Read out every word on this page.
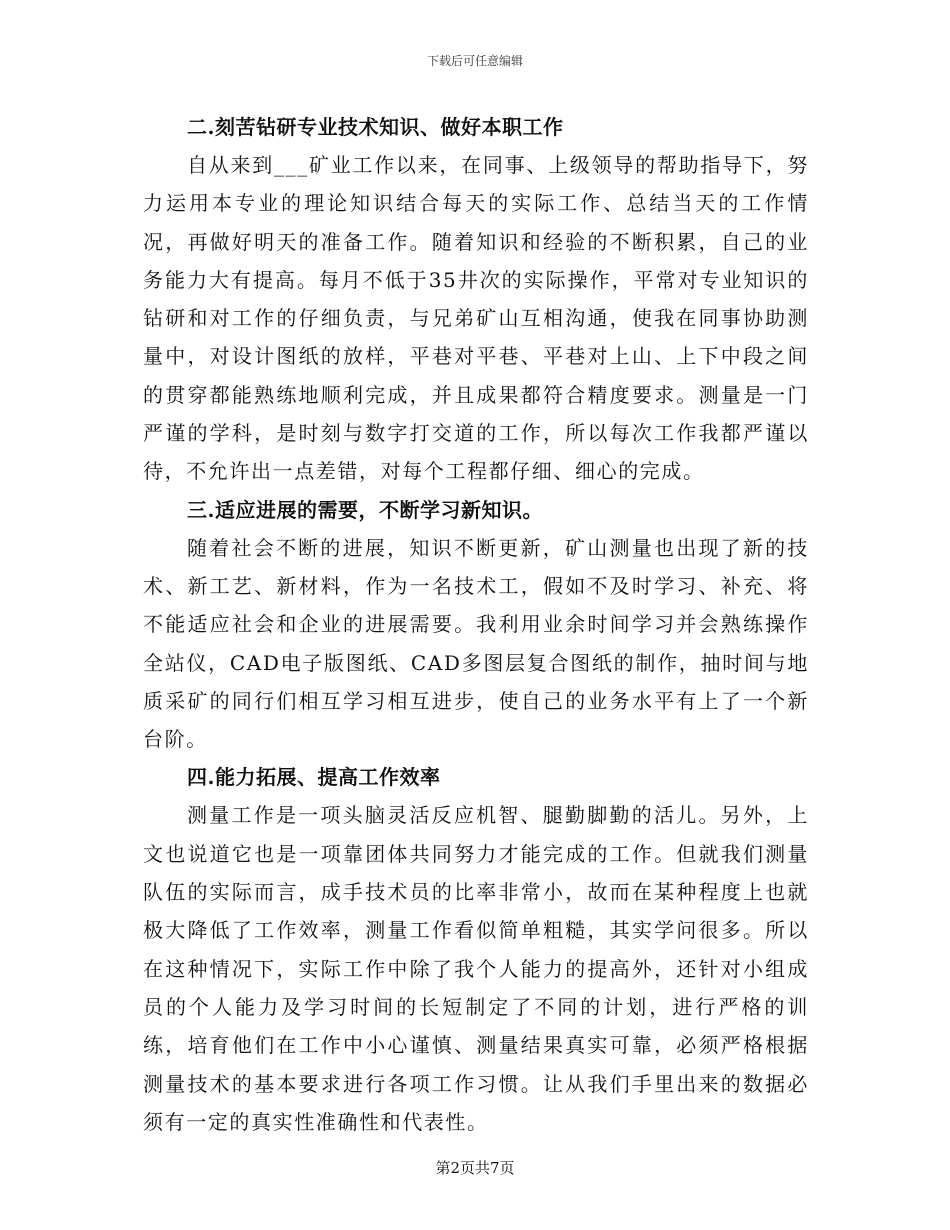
下载后可任意编辑
二.刻苦钻研专业技术知识、做好本职工作

自从来到___矿业工作以来，在同事、上级领导的帮助指导下，努力运用本专业的理论知识结合每天的实际工作、总结当天的工作情况，再做好明天的准备工作。随着知识和经验的不断积累，自己的业务能力大有提高。每月不低于35井次的实际操作，平常对专业知识的钻研和对工作的仔细负责，与兄弟矿山互相沟通，使我在同事协助测量中，对设计图纸的放样，平巷对平巷、平巷对上山、上下中段之间的贯穿都能熟练地顺利完成，并且成果都符合精度要求。测量是一门严谨的学科，是时刻与数字打交道的工作，所以每次工作我都严谨以待，不允许出一点差错，对每个工程都仔细、细心的完成。

三.适应进展的需要，不断学习新知识。

随着社会不断的进展，知识不断更新，矿山测量也出现了新的技术、新工艺、新材料，作为一名技术工，假如不及时学习、补充、将不能适应社会和企业的进展需要。我利用业余时间学习并会熟练操作全站仪，CAD电子版图纸、CAD多图层复合图纸的制作，抽时间与地质采矿的同行们相互学习相互进步，使自己的业务水平有上了一个新台阶。

四.能力拓展、提高工作效率

测量工作是一项头脑灵活反应机智、腿勤脚勤的活儿。另外，上文也说道它也是一项靠团体共同努力才能完成的工作。但就我们测量队伍的实际而言，成手技术员的比率非常小，故而在某种程度上也就极大降低了工作效率，测量工作看似简单粗糙，其实学问很多。所以在这种情况下，实际工作中除了我个人能力的提高外，还针对小组成员的个人能力及学习时间的长短制定了不同的计划，进行严格的训练，培育他们在工作中小心谨慎、测量结果真实可靠，必须严格根据测量技术的基本要求进行各项工作习惯。让从我们手里出来的数据必须有一定的真实性准确性和代表性。

第2页共7页
